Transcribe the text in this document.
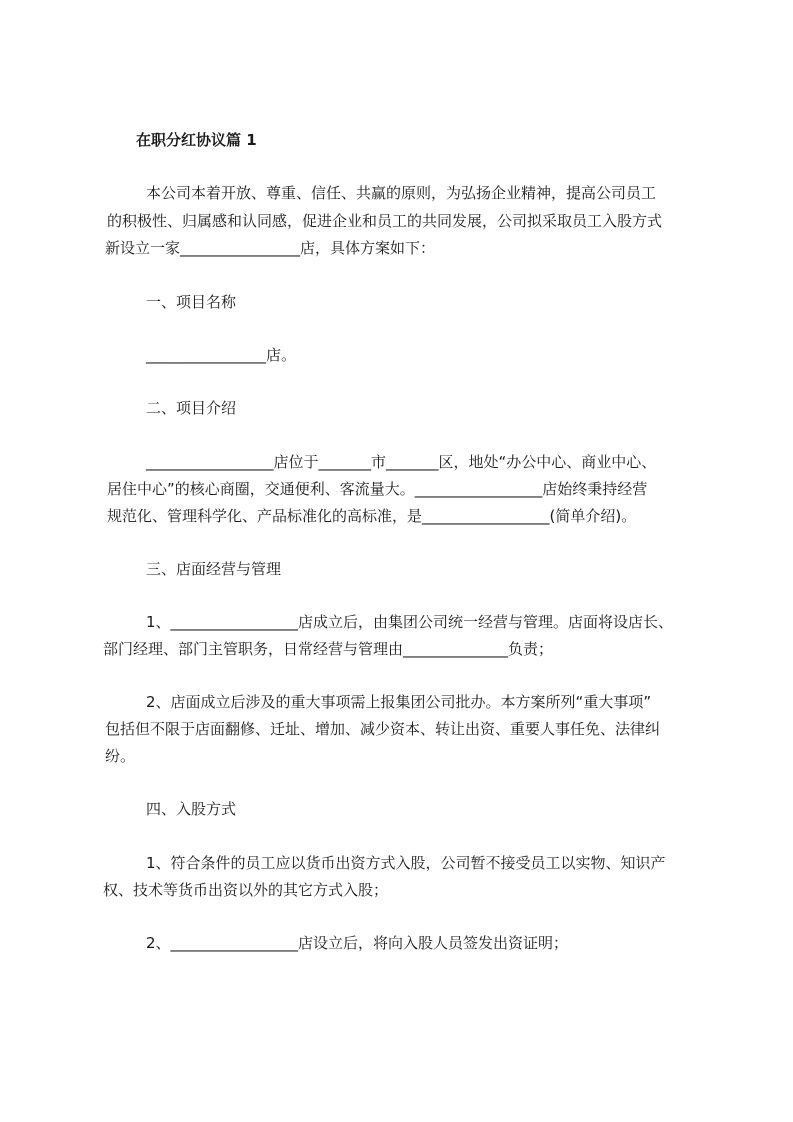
在职分红协议篇 1
本公司本着开放、尊重、信任、共赢的原则，为弘扬企业精神，提高公司员工
的积极性、归属感和认同感，促进企业和员工的共同发展，公司拟采取员工入股方式
新设立一家________________店，具体方案如下：
一、项目名称
________________店。
二、项目介绍
_________________店位于_______市_______区，地处“办公中心、商业中心、
居住中心”的核心商圈，交通便利、客流量大。_________________店始终秉持经营
规范化、管理科学化、产品标准化的高标准，是_________________(简单介绍)。
三、店面经营与管理
1、_________________店成立后，由集团公司统一经营与管理。店面将设店长、
部门经理、部门主管职务，日常经营与管理由______________负责；
2、店面成立后涉及的重大事项需上报集团公司批办。本方案所列“重大事项”
包括但不限于店面翻修、迁址、增加、减少资本、转让出资、重要人事任免、法律纠
纷。
四、入股方式
1、符合条件的员工应以货币出资方式入股，公司暂不接受员工以实物、知识产
权、技术等货币出资以外的其它方式入股；
2、_________________店设立后，将向入股人员签发出资证明；
